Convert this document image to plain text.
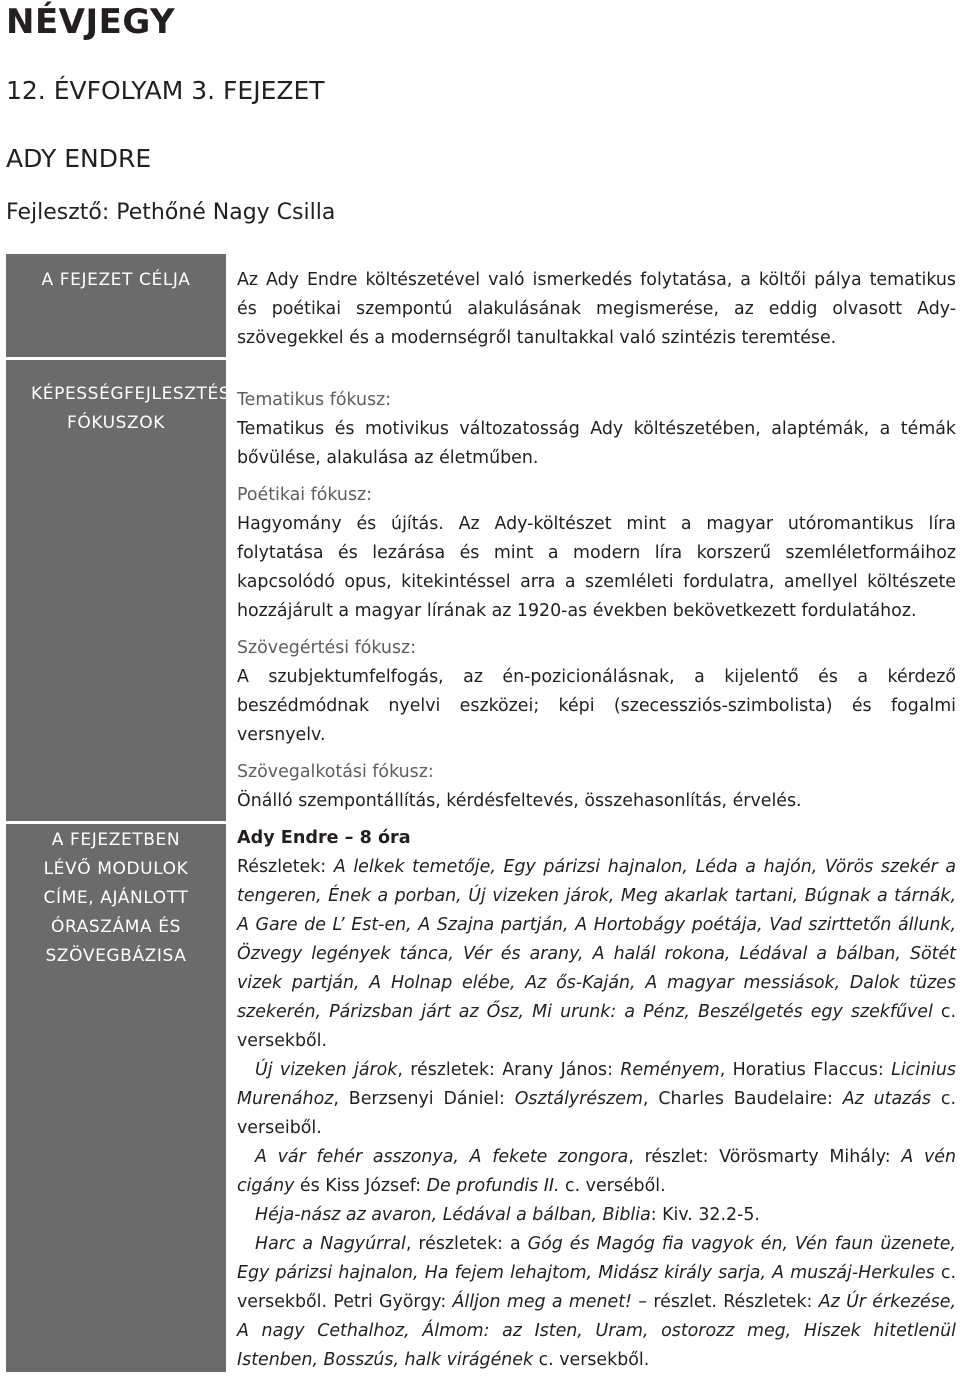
NÉVJEGY
12. ÉVFOLYAM 3. FEJEZET
ADY ENDRE
Fejlesztő: Pethőné Nagy Csilla
A FEJEZET CÉLJA
KÉPESSÉGFEJLESZTÉSI FÓKUSZOK
A FEJEZETBEN LÉVŐ MODULOK CÍME, AJÁNLOTT ÓRASZÁMA ÉS SZÖVEGBÁZISA

Az Ady Endre költészetével való ismerkedés folytatása, a költői pálya tematikus és poétikai szempontú alakulásának megismerése, az eddig olvasott Ady-szövegekkel és a modernségről tanultakkal való szintézis teremtése.

Tematikus fókusz:

Tematikus és motivikus változatosság Ady költészetében, alaptémák, a témák bővülése, alakulása az életműben.

Poétikai fókusz:

Hagyomány és újítás. Az Ady-költészet mint a magyar utóromantikus líra folytatása és lezárása és mint a modern líra korszerű szemléletformáihoz kapcsolódó opus, kitekintéssel arra a szemléleti fordulatra, amellyel költészete hozzájárult a magyar lírának az 1920-as években bekövetkezett fordulatához.

Szövegértési fókusz:

A szubjektumfelfogás, az én-pozicionálásnak, a kijelentő és a kérdező beszédmódnak nyelvi eszközei; képi (szecessziós-szimbolista) és fogalmi versnyelv.

Szövegalkotási fókusz:

Önálló szempontállítás, kérdésfeltevés, összehasonlítás, érvelés.

Ady Endre – 8 óra

Részletek: A lelkek temetője, Egy párizsi hajnalon, Léda a hajón, Vörös szekér a tengeren, Ének a porban, Új vizeken járok, Meg akarlak tartani, Búgnak a tárnák, A Gare de L’ Est-en, A Szajna partján, A Hortobágy poétája, Vad szirttetőn állunk, Özvegy legények tánca, Vér és arany, A halál rokona, Lédával a bálban, Sötét vizek partján, A Holnap elébe, Az ős-Kaján, A magyar messiások, Dalok tüzes szekerén, Párizsban járt az Ősz, Mi urunk: a Pénz, Beszélgetés egy szekfűvel c. versekből.

Új vizeken járok, részletek: Arany János: Reményem, Horatius Flaccus: Licinius Murenához, Berzsenyi Dániel: Osztályrészem, Charles Baudelaire: Az utazás c. verseiből.

A vár fehér asszonya, A fekete zongora, részlet: Vörösmarty Mihály: A vén cigány és Kiss József: De profundis II. c. verséből.

Héja-nász az avaron, Lédával a bálban, Biblia: Kiv. 32.2-5.

Harc a Nagyúrral, részletek: a Góg és Magóg fia vagyok én, Vén faun üzenete, Egy párizsi hajnalon, Ha fejem lehajtom, Midász király sarja, A muszáj-Herkules c. versekből. Petri György: Álljon meg a menet! – részlet. Részletek: Az Úr érkezése, A nagy Cethalhoz, Álmom: az Isten, Uram, ostorozz meg, Hiszek hitetlenül Istenben, Bosszús, halk virágének c. versekből.
